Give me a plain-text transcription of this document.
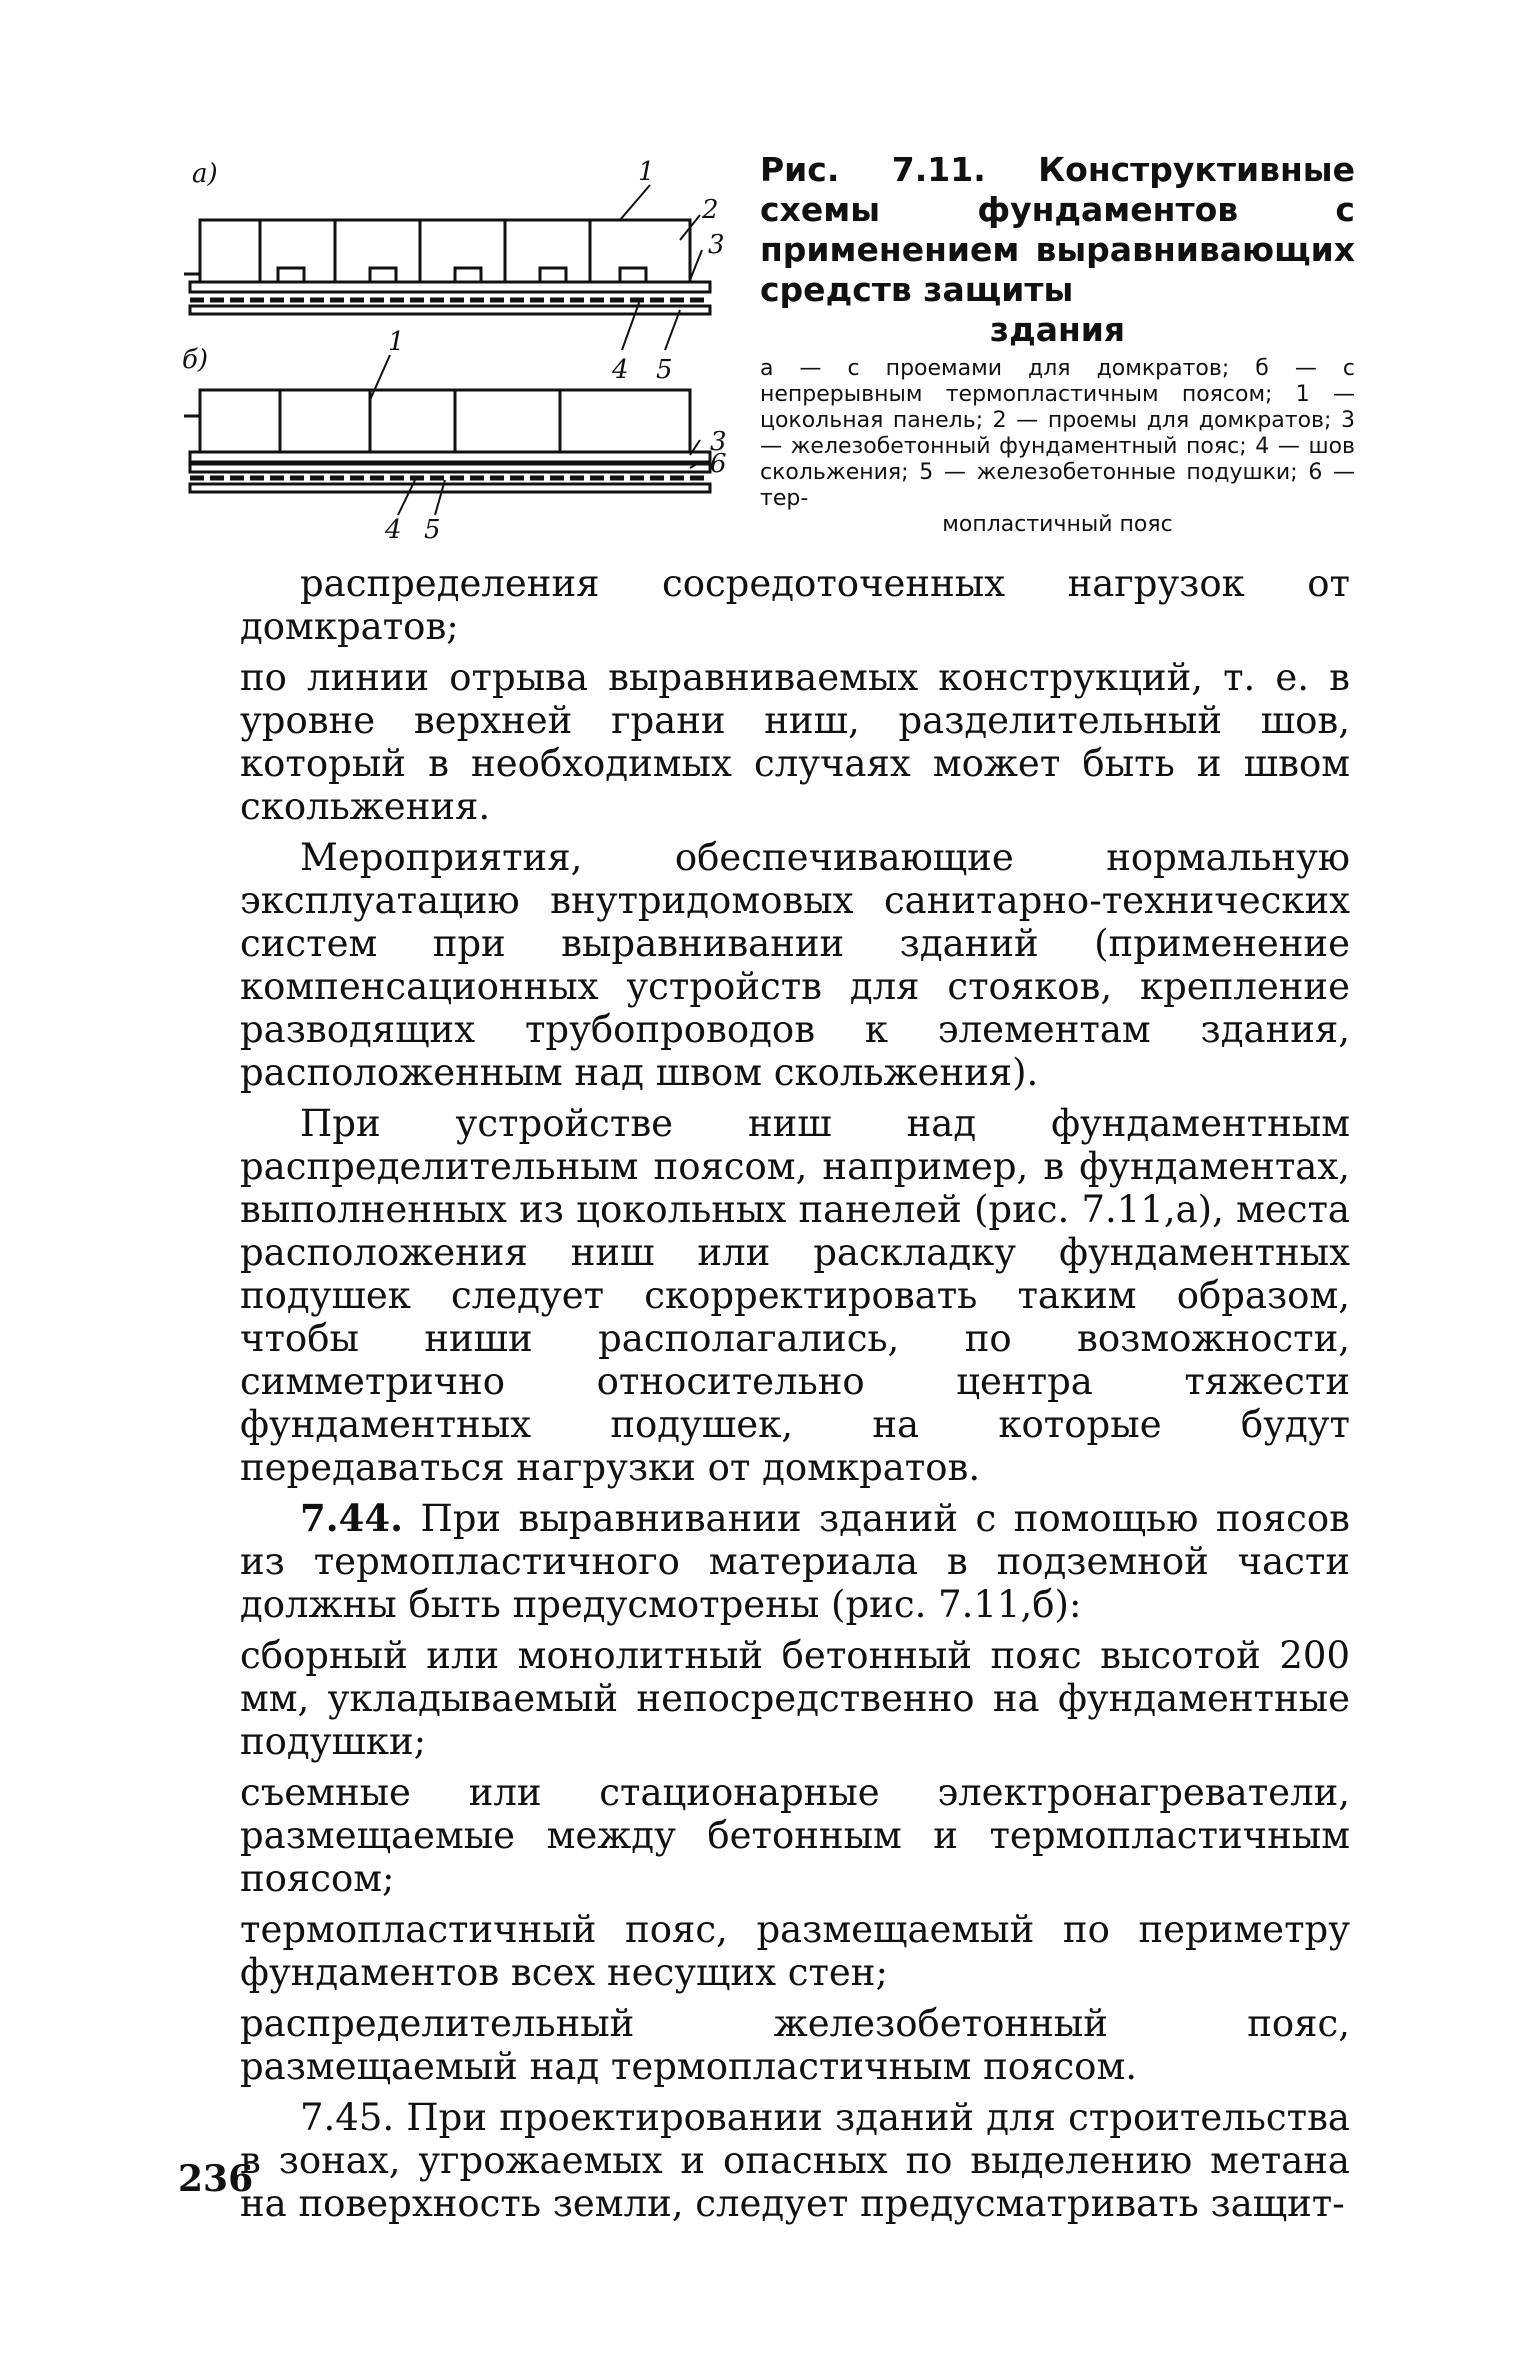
а)	1
2
3
4 5
б)
1
3
6
4 5

Рис. 7.11. Конструктивные схемы фундаментов с применением выравнивающих средств защиты
здания

а — с проемами для домкратов; б — с непрерывным термопластичным поясом; 1 — цокольная панель; 2 — проемы для домкратов; 3 — железобетонный фундаментный пояс; 4 — шов скольжения; 5 — железобетонные подушки; 6 — тер-
мопластичный пояс

распределения сосредоточенных нагрузок от домкратов;

по линии отрыва выравниваемых конструкций, т. е. в уровне верхней грани ниш, разделительный шов, который в необходимых случаях может быть и швом скольжения.

Мероприятия, обеспечивающие нормальную эксплуатацию внутридомовых санитарно-технических систем при выравнивании зданий (применение компенсационных устройств для стояков, крепление разводящих трубопроводов к элементам здания, расположенным над швом скольжения).

При устройстве ниш над фундаментным распределительным поясом, например, в фундаментах, выполненных из цокольных панелей (рис. 7.11,а), места расположения ниш или раскладку фундаментных подушек следует скорректировать таким образом, чтобы ниши располагались, по возможности, симметрично относительно центра тяжести фундаментных подушек, на которые будут передаваться нагрузки от домкратов.

7.44. При выравнивании зданий с помощью поясов из термопластичного материала в подземной части должны быть предусмотрены (рис. 7.11,б):

сборный или монолитный бетонный пояс высотой 200 мм, укладываемый непосредственно на фундаментные подушки;

съемные или стационарные электронагреватели, размещаемые между бетонным и термопластичным поясом;

термопластичный пояс, размещаемый по периметру фундаментов всех несущих стен;

распределительный железобетонный пояс, размещаемый над термопластичным поясом.

7.45. При проектировании зданий для строительства в зонах, угрожаемых и опасных по выделению метана на поверхность земли, следует предусматривать защит-

236
